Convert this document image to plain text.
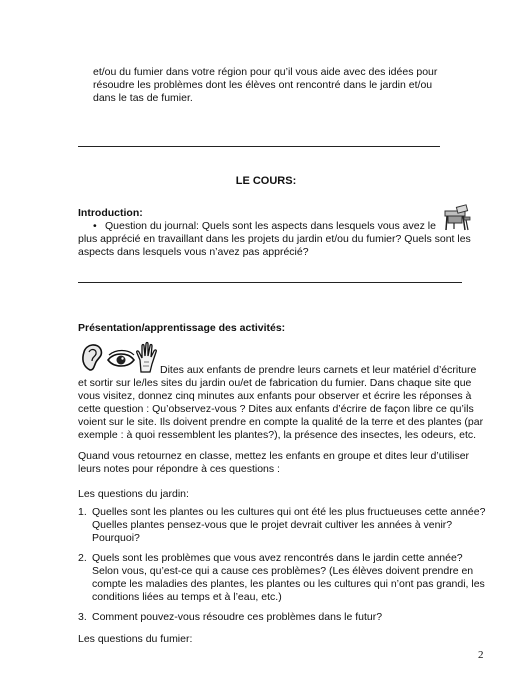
et/ou du fumier dans votre région pour qu’il vous aide avec des idées pour

résoudre les problèmes dont les élèves ont rencontré dans le jardin et/ou

dans le tas de fumier.

LE COURS:
Introduction:
• Question du journal: Quels sont les aspects dans lesquels vous avez le

plus apprécié en travaillant dans les projets du jardin et/ou du fumier? Quels sont les

aspects dans lesquels vous n’avez pas apprécié?

Présentation/apprentissage des activités:

Dites aux enfants de prendre leurs carnets et leur matériel d’écriture

et sortir sur le/les sites du jardin ou/et de fabrication du fumier. Dans chaque site que

vous visitez, donnez cinq minutes aux enfants pour observer et écrire les réponses à

cette question : Qu’observez-vous ? Dites aux enfants d’écrire de façon libre ce qu’ils

voient sur le site. Ils doivent prendre en compte la qualité de la terre et des plantes (par

exemple : à quoi ressemblent les plantes?), la présence des insectes, les odeurs, etc.

Quand vous retournez en classe, mettez les enfants en groupe et dites leur d’utiliser

leurs notes pour répondre à ces questions :

Les questions du jardin:
1. Quelles sont les plantes ou les cultures qui ont été les plus fructueuses cette année?

Quelles plantes pensez-vous que le projet devrait cultiver les années à venir?

Pourquoi?

2. Quels sont les problèmes que vous avez rencontrés dans le jardin cette année?

Selon vous, qu’est-ce qui a cause ces problèmes? (Les élèves doivent prendre en

compte les maladies des plantes, les plantes ou les cultures qui n’ont pas grandi, les

conditions liées au temps et à l’eau, etc.)

3. Comment pouvez-vous résoudre ces problèmes dans le futur?

Les questions du fumier:
2
